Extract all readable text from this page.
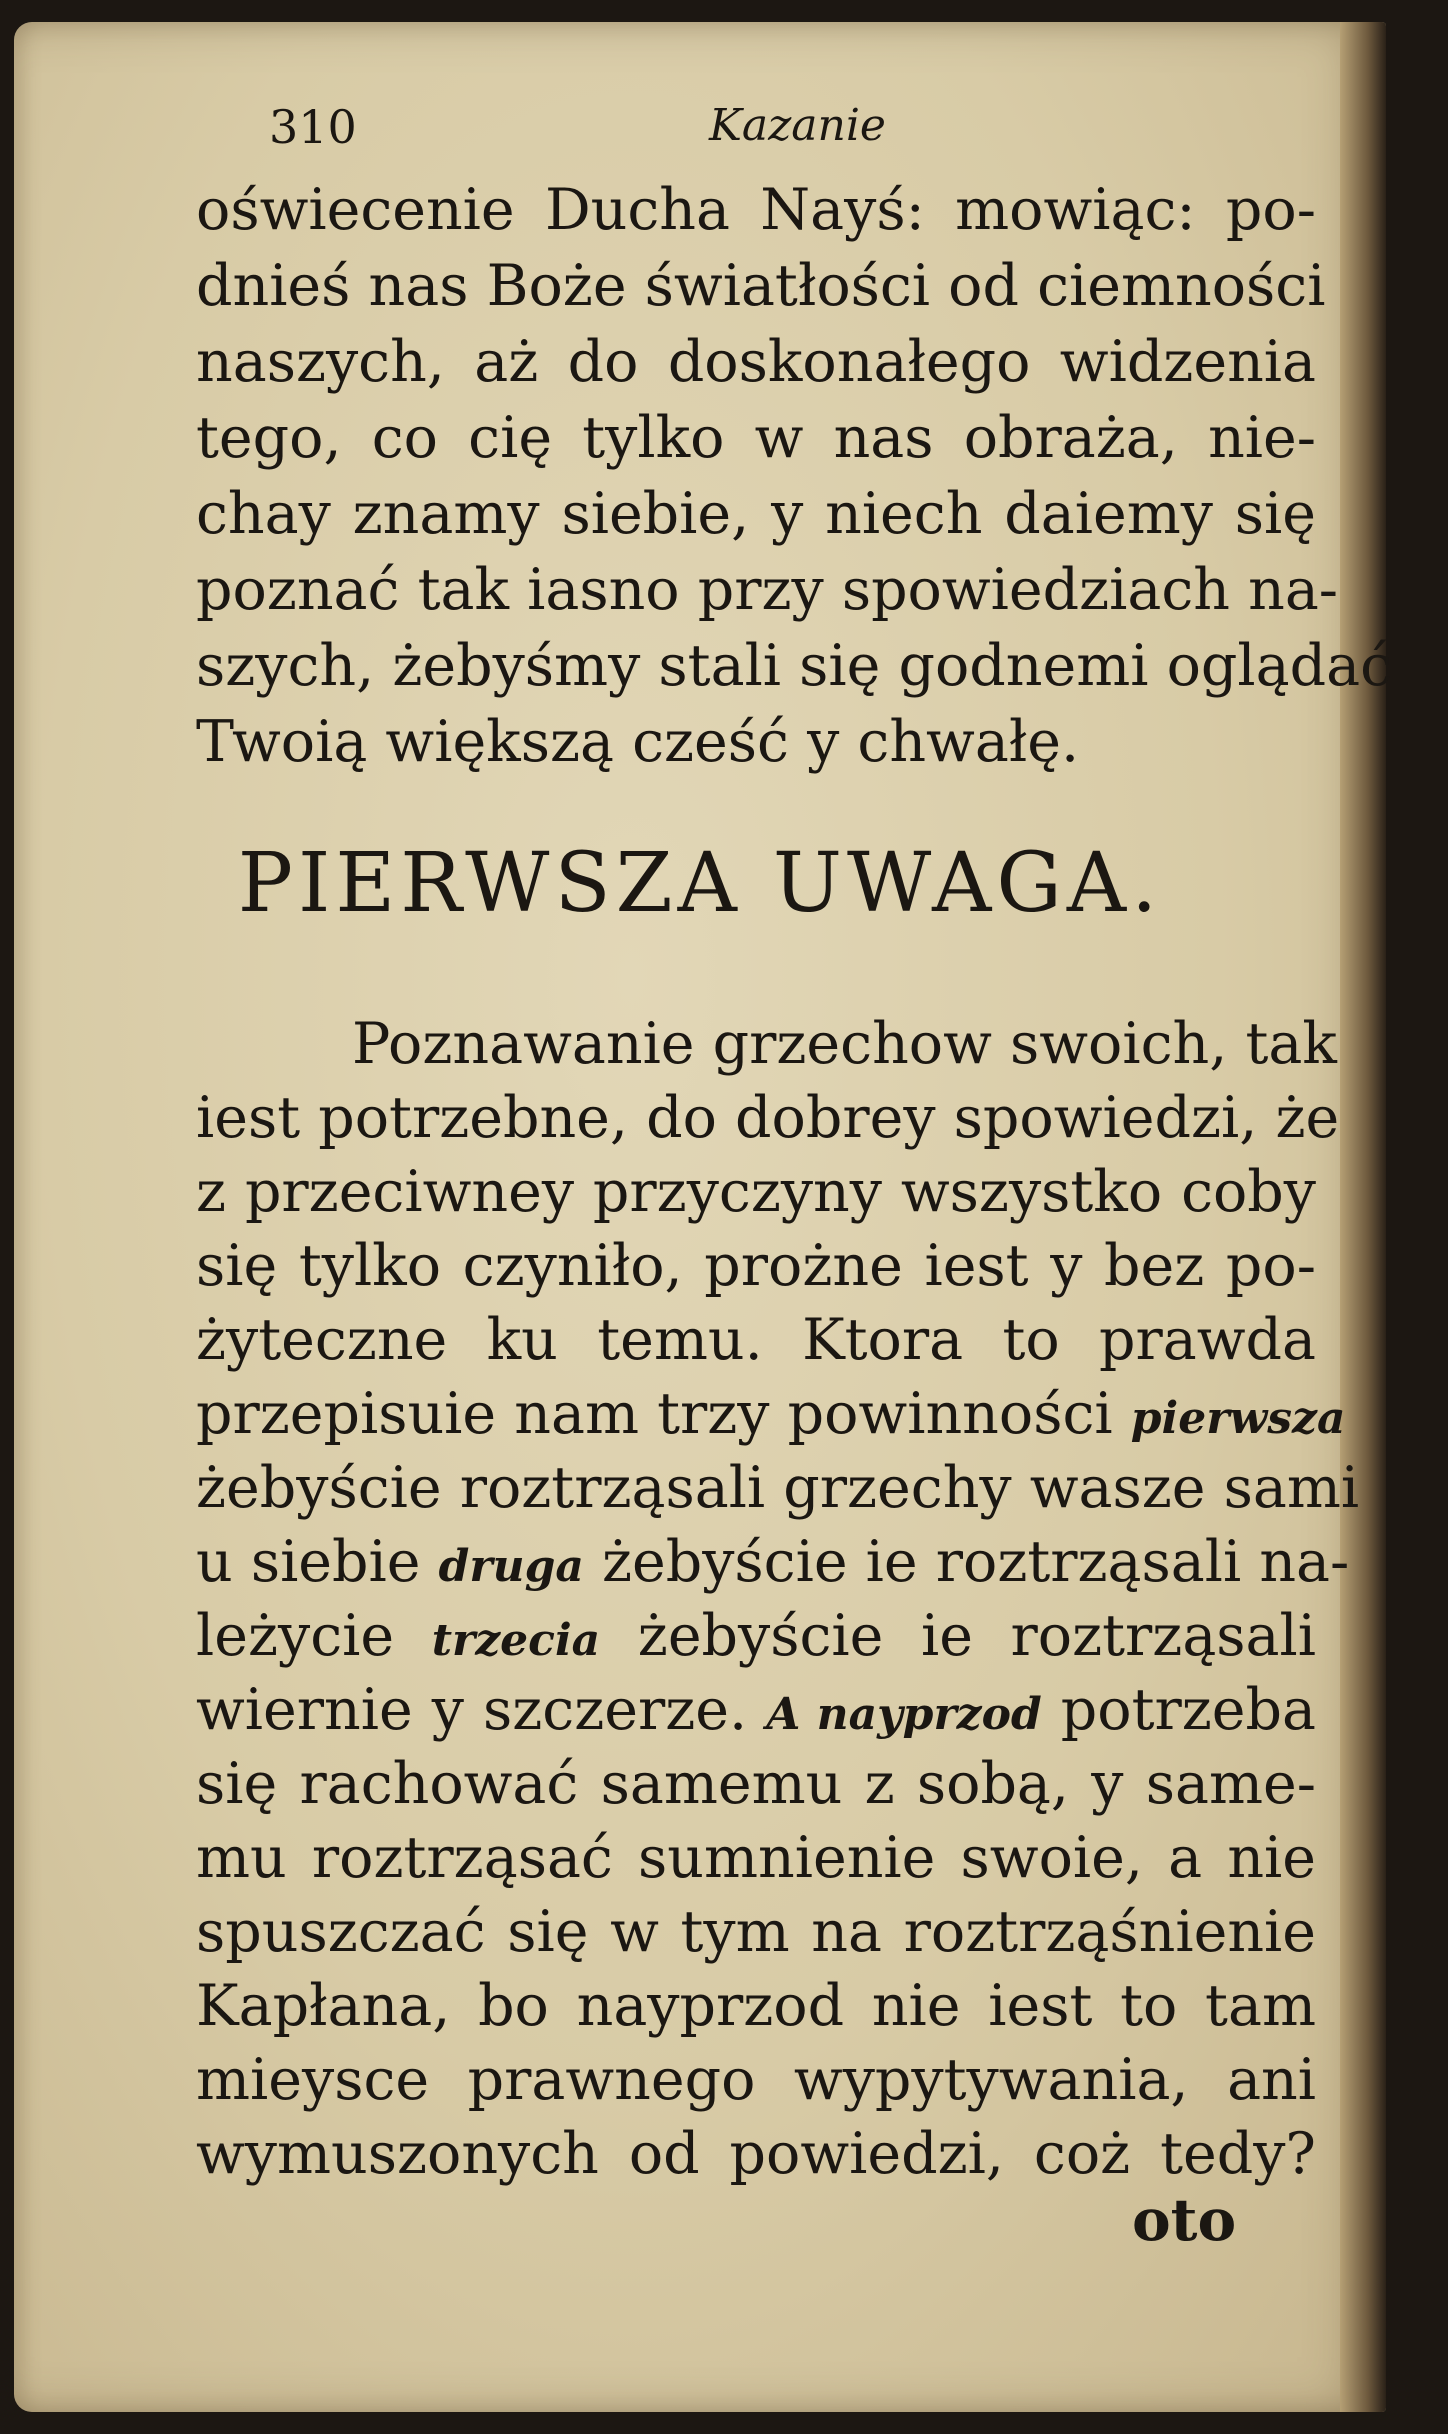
310	Kazanie
oświecenie Ducha Nayś: mowiąc: po-
dnieś nas Boże światłości od ciemności
naszych, aż do doskonałego widzenia
tego, co cię tylko w nas obraża, nie-
chay znamy siebie, y niech daiemy się
poznać tak iasno przy spowiedziach na-
szych, żebyśmy stali się godnemi oglądać
Twoią większą cześć y chwałę.
PIERWSZA UWAGA.
Poznawanie grzechow swoich, tak
iest potrzebne, do dobrey spowiedzi, że
z przeciwney przyczyny wszystko coby
się tylko czyniło, prożne iest y bez po-
żyteczne ku temu. Ktora to prawda
przepisuie nam trzy powinności pierwsza
żebyście roztrząsali grzechy wasze sami
u siebie druga żebyście ie roztrząsali na-
leżycie trzecia żebyście ie roztrząsali
wiernie y szczerze. A nayprzod potrzeba
się rachować samemu z sobą, y same-
mu roztrząsać sumnienie swoie, a nie
spuszczać się w tym na roztrząśnienie
Kapłana, bo nayprzod nie iest to tam
mieysce prawnego wypytywania, ani
wymuszonych od powiedzi, coż tedy?
oto
